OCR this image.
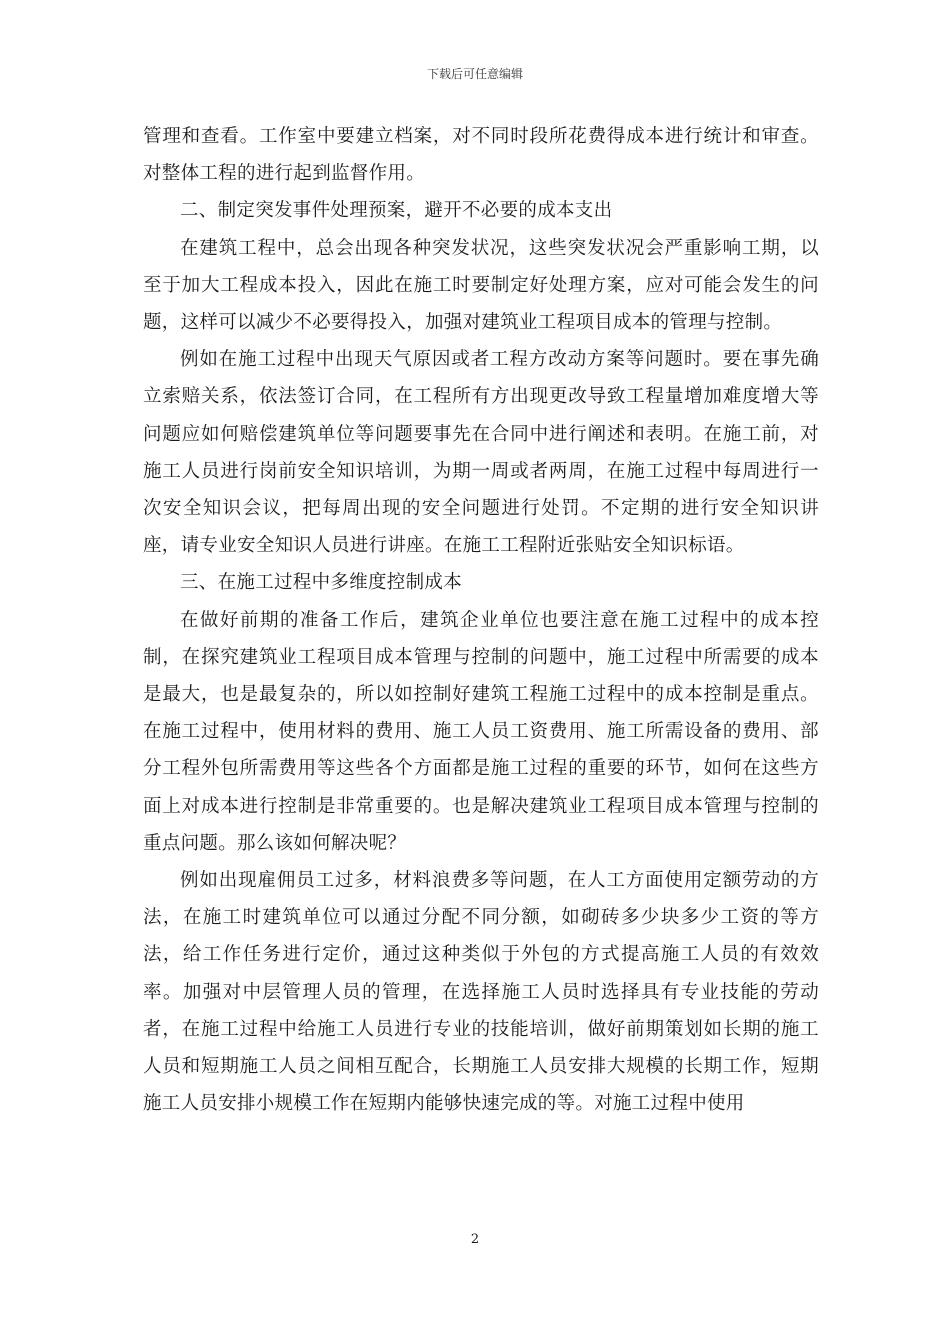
下载后可任意编辑

管理和查看。工作室中要建立档案，对不同时段所花费得成本进行统计和审查。对整体工程的进行起到监督作用。

二、制定突发事件处理预案，避开不必要的成本支出

在建筑工程中，总会出现各种突发状况，这些突发状况会严重影响工期，以至于加大工程成本投入，因此在施工时要制定好处理方案，应对可能会发生的问题，这样可以减少不必要得投入，加强对建筑业工程项目成本的管理与控制。

例如在施工过程中出现天气原因或者工程方改动方案等问题时。要在事先确立索赔关系，依法签订合同，在工程所有方出现更改导致工程量增加难度增大等问题应如何赔偿建筑单位等问题要事先在合同中进行阐述和表明。在施工前，对施工人员进行岗前安全知识培训，为期一周或者两周，在施工过程中每周进行一次安全知识会议，把每周出现的安全问题进行处罚。不定期的进行安全知识讲座，请专业安全知识人员进行讲座。在施工工程附近张贴安全知识标语。

三、在施工过程中多维度控制成本

在做好前期的准备工作后，建筑企业单位也要注意在施工过程中的成本控制，在探究建筑业工程项目成本管理与控制的问题中，施工过程中所需要的成本是最大，也是最复杂的，所以如控制好建筑工程施工过程中的成本控制是重点。在施工过程中，使用材料的费用、施工人员工资费用、施工所需设备的费用、部分工程外包所需费用等这些各个方面都是施工过程的重要的环节，如何在这些方面上对成本进行控制是非常重要的。也是解决建筑业工程项目成本管理与控制的重点问题。那么该如何解决呢？

例如出现雇佣员工过多，材料浪费多等问题，在人工方面使用定额劳动的方法，在施工时建筑单位可以通过分配不同分额，如砌砖多少块多少工资的等方法，给工作任务进行定价，通过这种类似于外包的方式提高施工人员的有效效率。加强对中层管理人员的管理，在选择施工人员时选择具有专业技能的劳动者，在施工过程中给施工人员进行专业的技能培训，做好前期策划如长期的施工人员和短期施工人员之间相互配合，长期施工人员安排大规模的长期工作，短期施工人员安排小规模工作在短期内能够快速完成的等。对施工过程中使用

2
